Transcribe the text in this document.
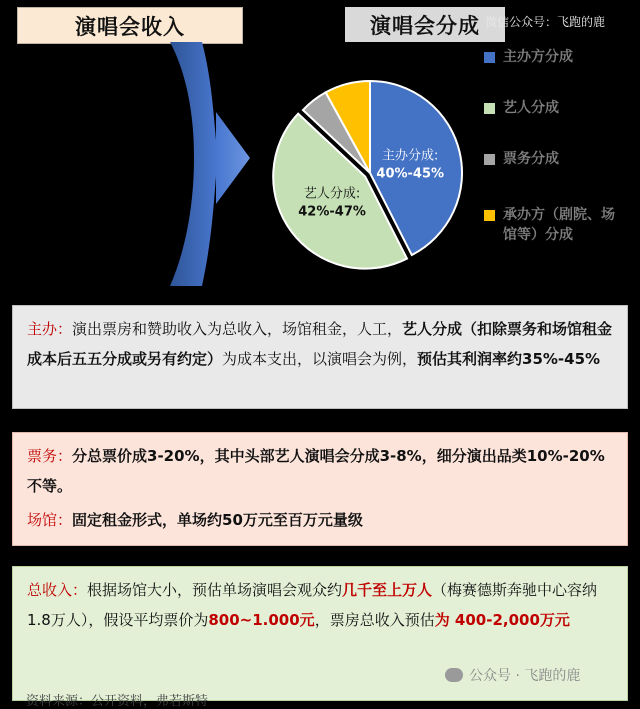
演唱会收入	演唱会分成 微信公众号：飞跑的鹿
主办分成:
40%-45%
艺人分成:
42%-47%
主办方分成
艺人分成
票务分成
承办方（剧院、场馆等）分成
主办：演出票房和赞助收入为总收入，场馆租金，人工，艺人分成（扣除票务和场馆租金成本后五五分成或另有约定）为成本支出，以演唱会为例，预估其利润率约35%-45%
票务：分总票价成3-20%，其中头部艺人演唱会分成3-8%，细分演出品类10%-20%不等。
场馆：固定租金形式，单场约50万元至百万元量级
总收入：根据场馆大小，预估单场演唱会观众约几千至上万人（梅赛德斯奔驰中心容纳1.8万人），假设平均票价为800~1.000元，票房总收入预估为 400-2,000万元
资料来源：公开资料，弗若斯特
公众号 · 飞跑的鹿
